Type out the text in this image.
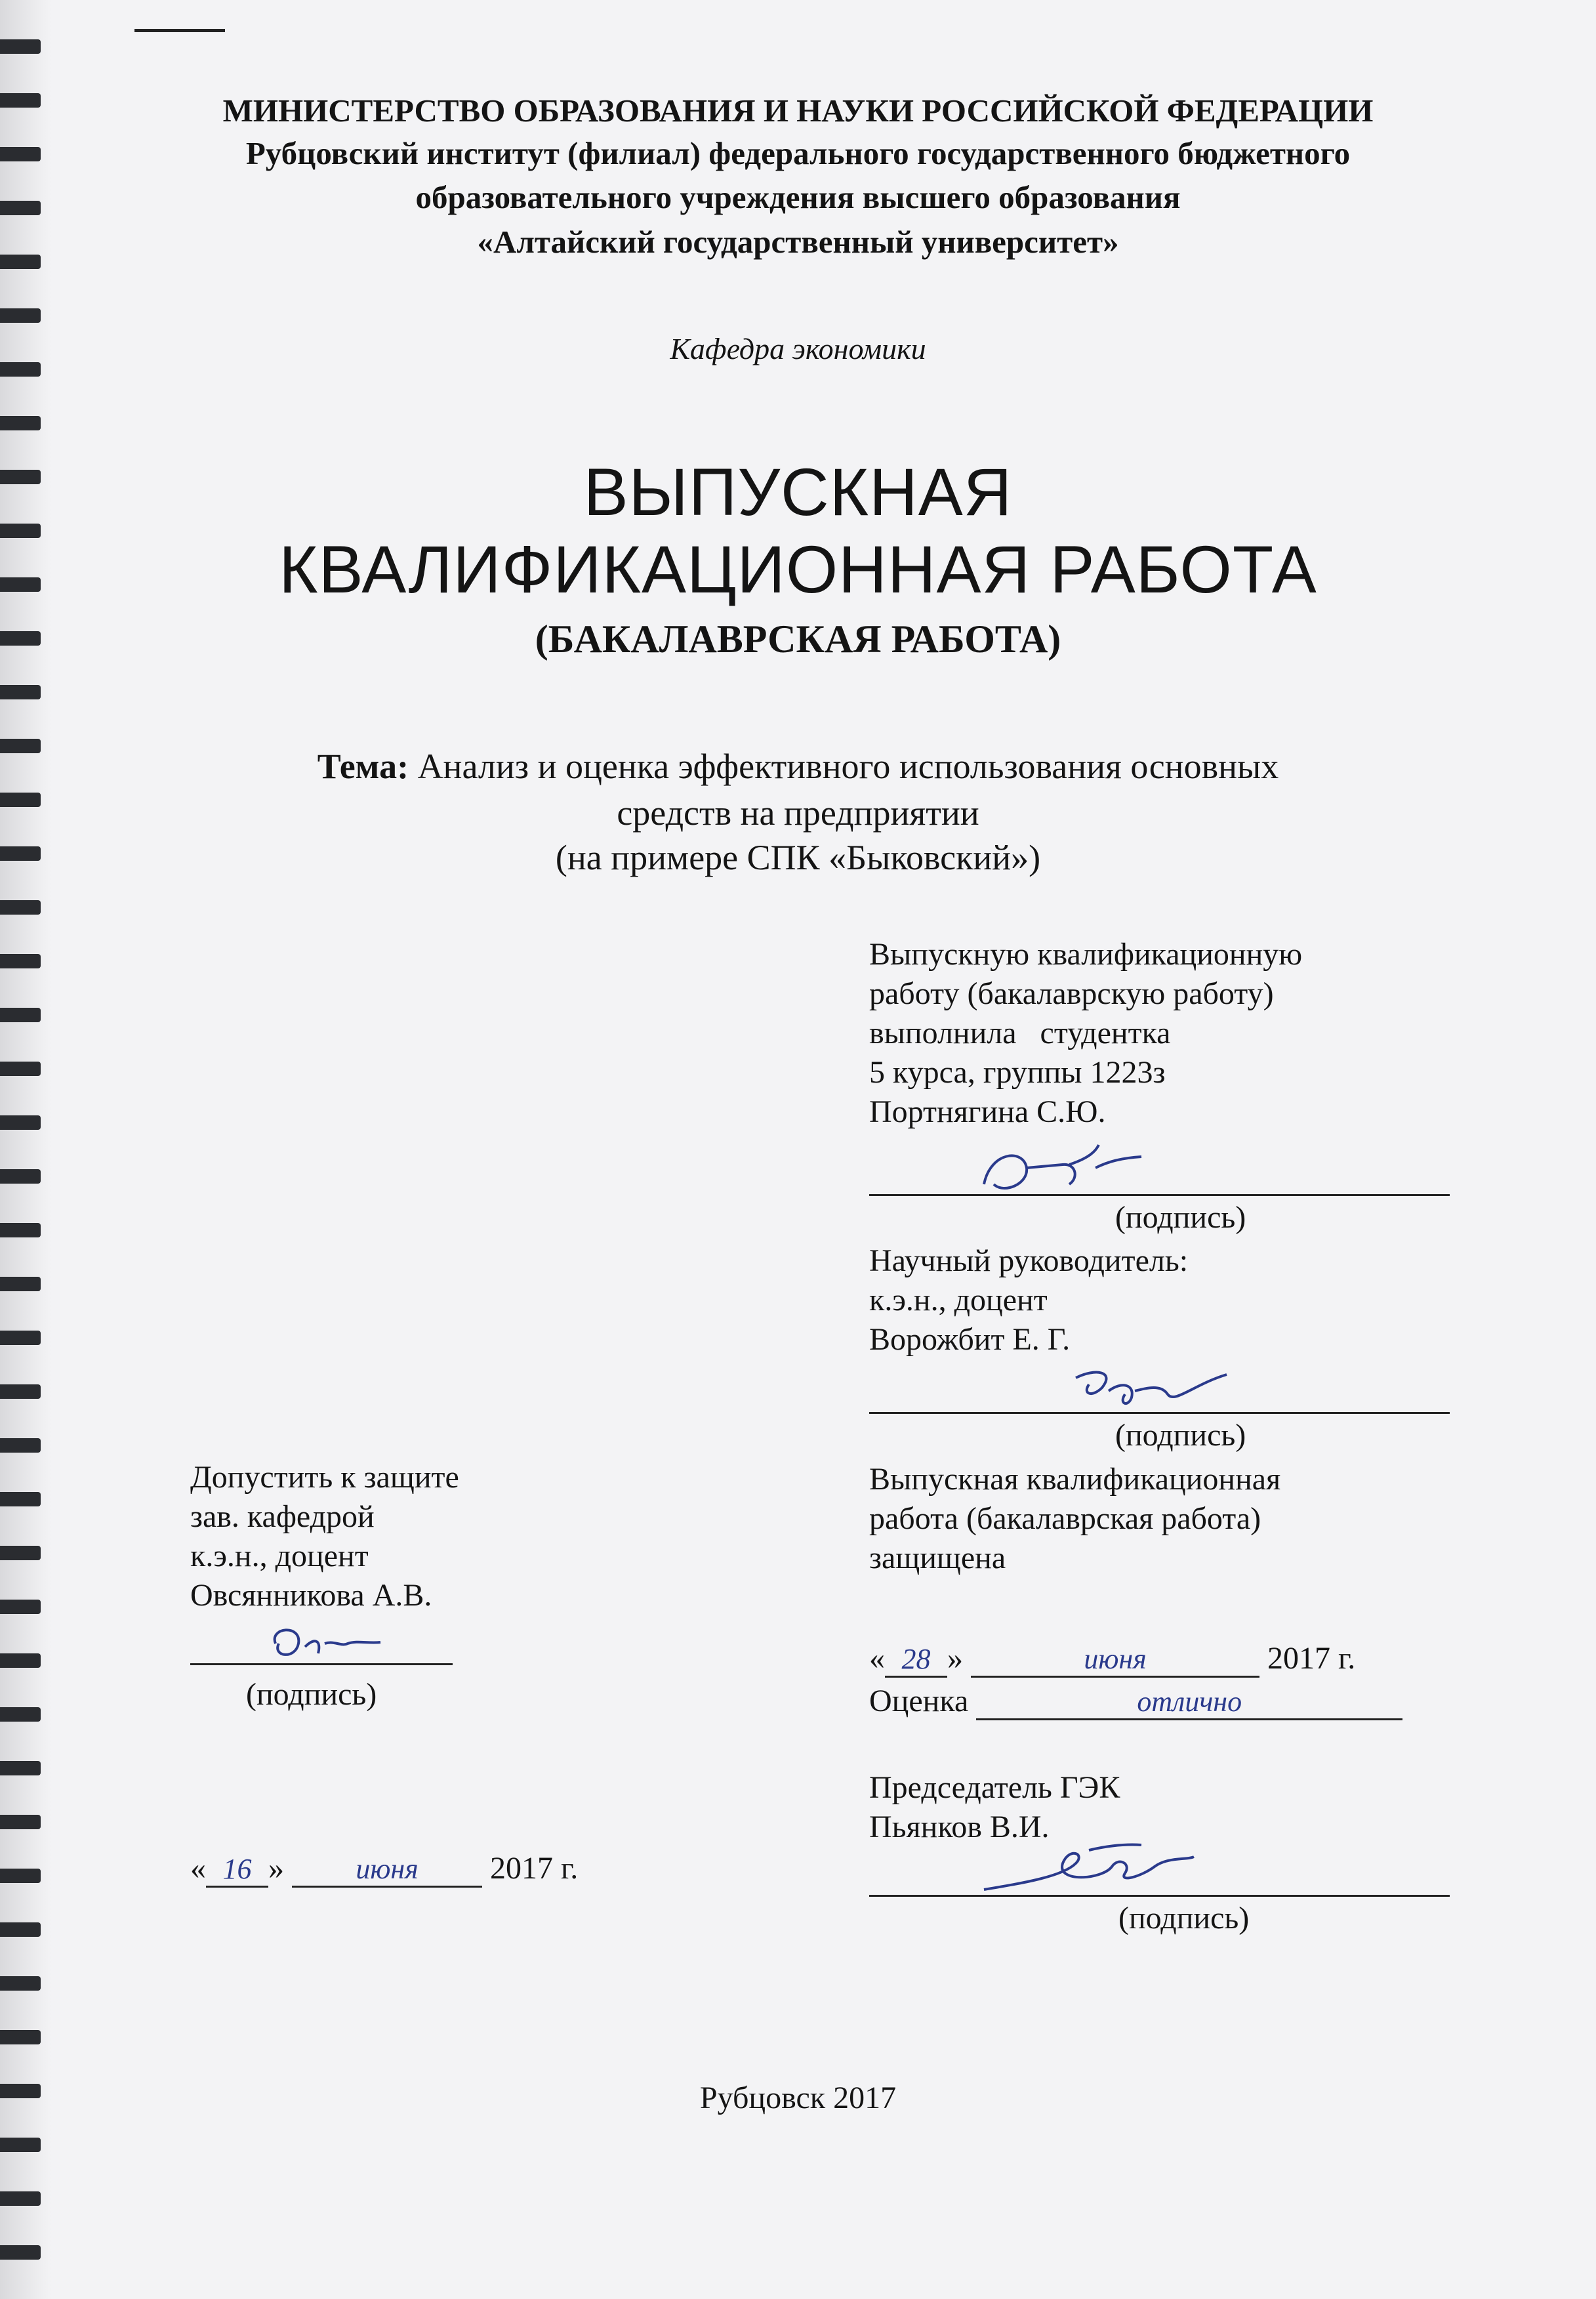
МИНИСТЕРСТВО ОБРАЗОВАНИЯ И НАУКИ РОССИЙСКОЙ ФЕДЕРАЦИИ
Рубцовский институт (филиал) федерального государственного бюджетного
образовательного учреждения высшего образования
«Алтайский государственный университет»
Кафедра экономики
ВЫПУСКНАЯ
КВАЛИФИКАЦИОННАЯ РАБОТА
(БАКАЛАВРСКАЯ РАБОТА)
Тема: Анализ и оценка эффективного использования основных
средств на предприятии
(на примере СПК «Быковский»)
Выпускную квалификационную
работу (бакалаврскую работу)
выполнила   студентка
5 курса, группы 1223з
Портнягина С.Ю.
(подпись)
Научный руководитель:
к.э.н., доцент
Ворожбит Е. Г.
(подпись)
Выпускная квалификационная
работа (бакалаврская работа)
защищена
« 28 »	июня	2017 г.
Оценка	отлично
Допустить к защите
зав. кафедрой
к.э.н., доцент
Овсянникова А.В.
(подпись)
« 16 » июня 2017 г.
Председатель ГЭК
Пьянков В.И.
(подпись)
Рубцовск 2017
